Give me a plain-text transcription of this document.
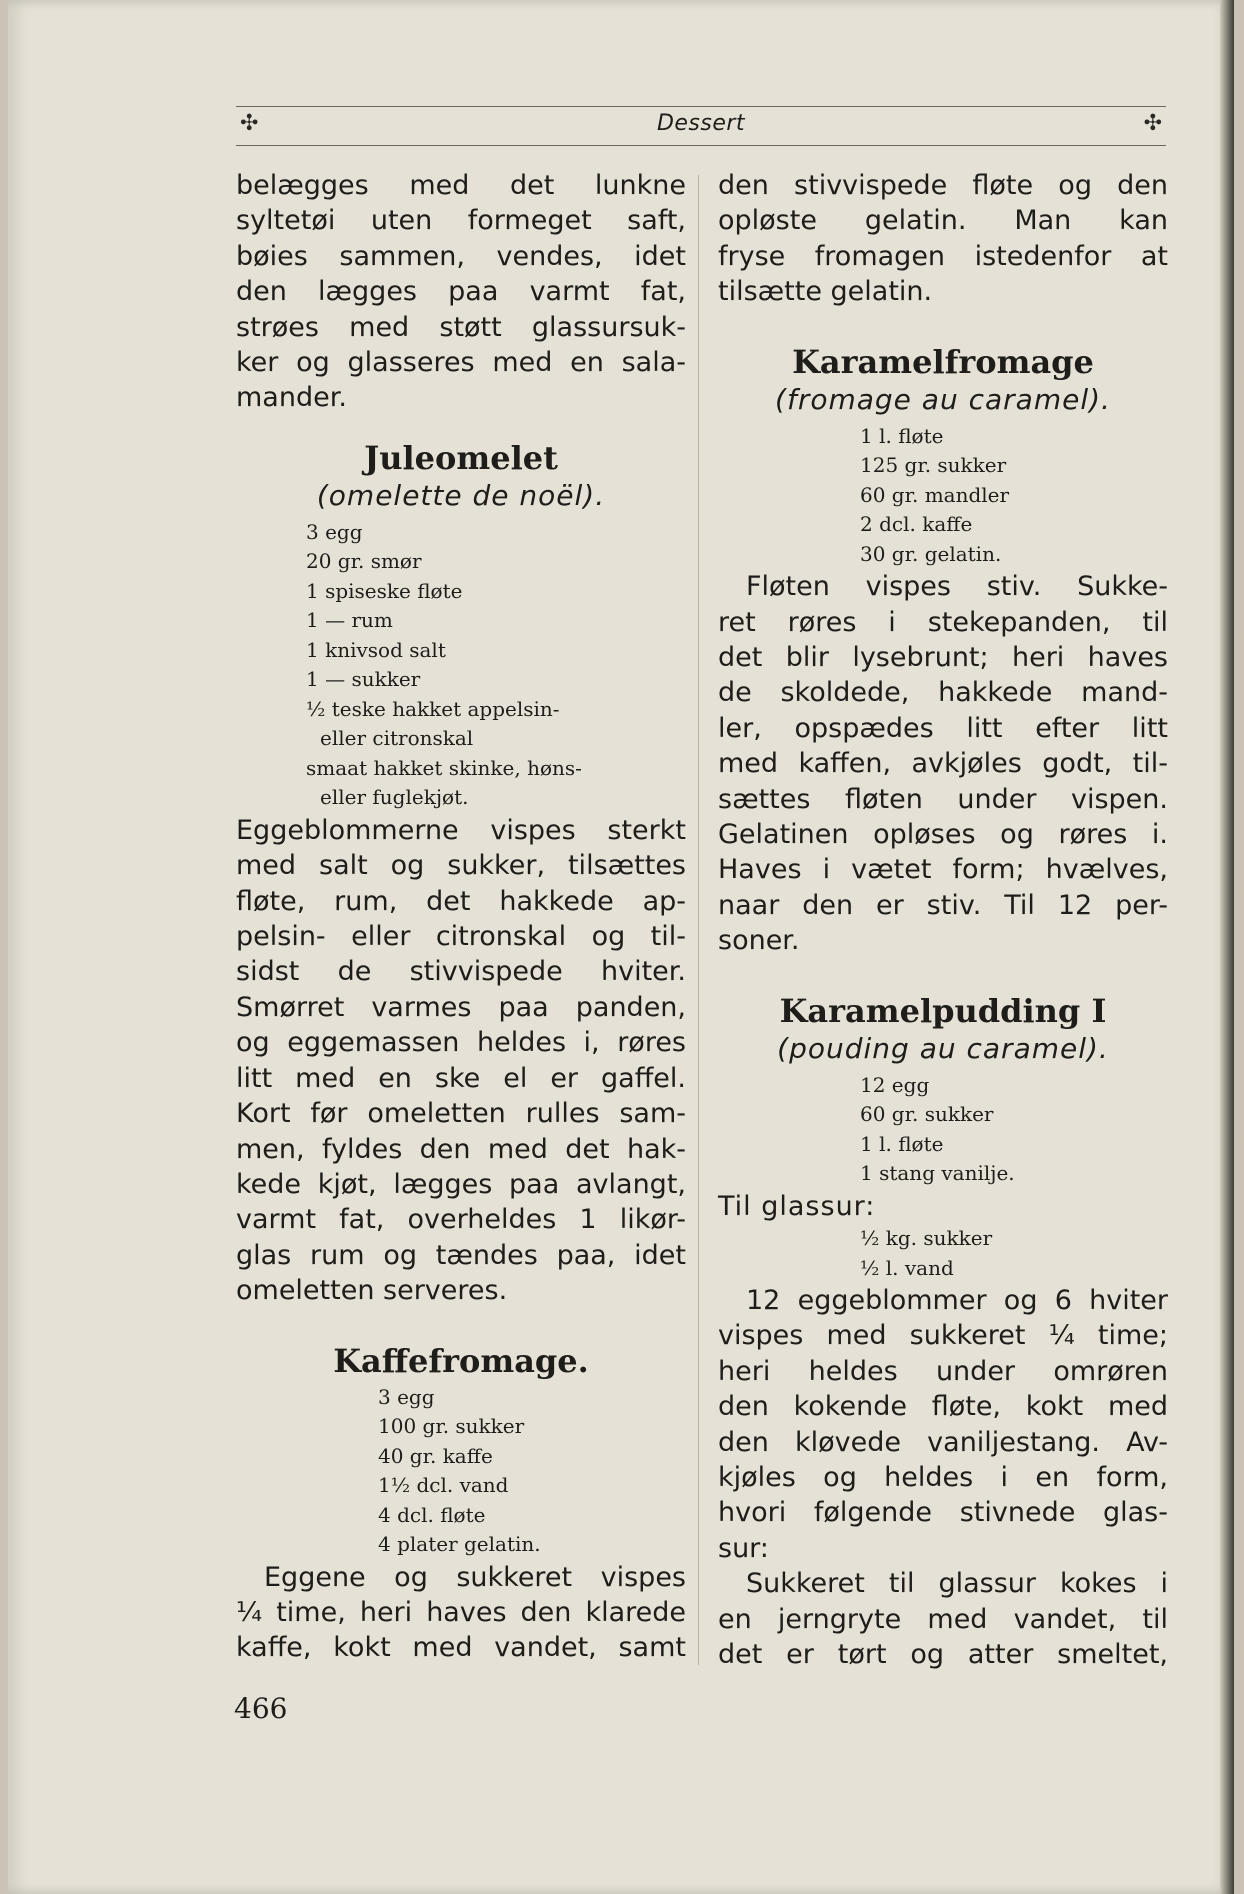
✣	Dessert	✣

belægges med det lunkne

syltetøi uten formeget saft,

bøies sammen, vendes, idet

den lægges paa varmt fat,

strøes med støtt glassursuk-

ker og glasseres med en sala-

mander.

Juleomelet
(omelette de noël).
3 egg
20 gr. smør
1 spiseske fløte
1 — rum
1 knivsod salt
1 — sukker
½ teske hakket appelsin-
eller citronskal
smaat hakket skinke, høns-
eller fuglekjøt.

Eggeblommerne vispes sterkt

med salt og sukker, tilsættes

fløte, rum, det hakkede ap-

pelsin- eller citronskal og til-

sidst de stivvispede hviter.

Smørret varmes paa panden,

og eggemassen heldes i, røres

litt med en ske el er gaffel.

Kort før omeletten rulles sam-

men, fyldes den med det hak-

kede kjøt, lægges paa avlangt,

varmt fat, overheldes 1 likør-

glas rum og tændes paa, idet

omeletten serveres.

Kaffefromage.
3 egg
100 gr. sukker
40 gr. kaffe
1½ dcl. vand
4 dcl. fløte
4 plater gelatin.

Eggene og sukkeret vispes

¼ time, heri haves den klarede

kaffe, kokt med vandet, samt

den stivvispede fløte og den

opløste gelatin. Man kan

fryse fromagen istedenfor at

tilsætte gelatin.

Karamelfromage
(fromage au caramel).
1 l. fløte
125 gr. sukker
60 gr. mandler
2 dcl. kaffe
30 gr. gelatin.

Fløten vispes stiv. Sukke-

ret røres i stekepanden, til

det blir lysebrunt; heri haves

de skoldede, hakkede mand-

ler, opspædes litt efter litt

med kaffen, avkjøles godt, til-

sættes fløten under vispen.

Gelatinen opløses og røres i.

Haves i vætet form; hvælves,

naar den er stiv. Til 12 per-

soner.

Karamelpudding I
(pouding au caramel).
12 egg
60 gr. sukker
1 l. fløte
1 stang vanilje.

Til glassur:

½ kg. sukker
½ l. vand

12 eggeblommer og 6 hviter

vispes med sukkeret ¼ time;

heri heldes under omrøren

den kokende fløte, kokt med

den kløvede vaniljestang. Av-

kjøles og heldes i en form,

hvori følgende stivnede glas-

sur:

Sukkeret til glassur kokes i

en jerngryte med vandet, til

det er tørt og atter smeltet,

466
